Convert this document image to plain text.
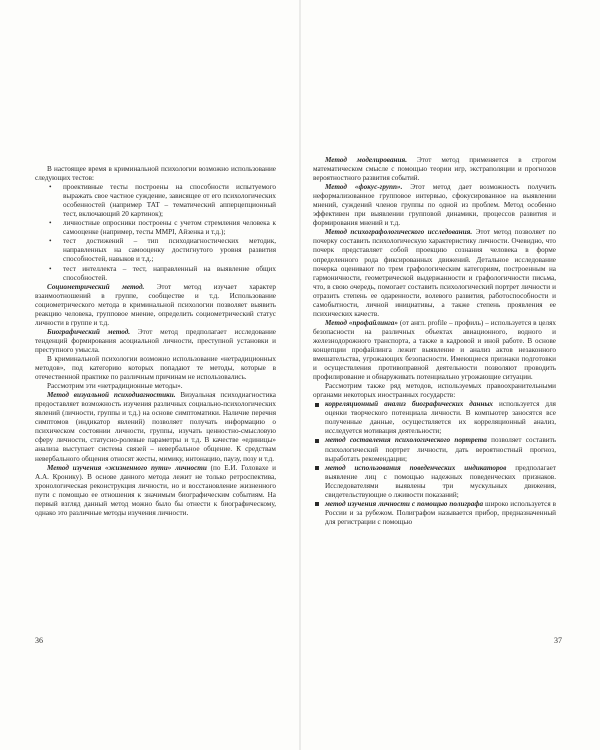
В настоящее время в криминальной психологии возможно использование следующих тестов:

• проективные тесты построены на способности испытуемого выражать свое частное суждение, зависящее от его психологических особенностей (например ТАТ – тематический апперцепционный тест, включающий 20 картинок);
• личностные опросники построены с учетом стремления человека к самооценке (например, тесты MMPI, Айзенка и т.д.);
• тест достижений – тип психодиагностических методик, направленных на самооценку достигнутого уровня развития способностей, навыков и т.д.;
• тест интеллекта – тест, направленный на выявление общих способностей.

Социометрический метод. Этот метод изучает характер взаимоотношений в группе, сообществе и т.д. Использование социометрического метода в криминальной психологии позволяет выявить реакцию человека, групповое мнение, определить социометрический статус личности в группе и т.д.

Биографический метод. Этот метод предполагает исследование тенденций формирования асоциальной личности, преступной установки и преступного умысла.

В криминальной психологии возможно использование «нетрадиционных методов», под категорию которых попадают те методы, которые в отечественной практике по различным причинам не использовались.

Рассмотрим эти «нетрадиционные методы».

Метод визуальной психодиагностики. Визуальная психодиагностика предоставляет возможность изучения различных социально-психологических явлений (личности, группы и т.д.) на основе симптоматики. Наличие перечня симптомов (индикатор явлений) позволяет получать информацию о психическом состоянии личности, группы, изучать ценностно-смысловую сферу личности, статусно-ролевые параметры и т.д. В качестве «единицы» анализа выступает система связей – невербальное общение. К средствам невербального общения относят жесты, мимику, интонацию, паузу, позу и т.д.

Метод изучения «жизненного пути» личности (по Е.И. Головахе и А.А. Кронику). В основе данного метода лежит не только ретроспектива, хронологическая реконструкция личности, но и восстановление жизненного пути с помощью ее отношения к значимым биографическим событиям. На первый взгляд данный метод можно было бы отнести к биографическому, однако это различные методы изучения личности.

36

Метод моделирования. Этот метод применяется в строгом математическом смысле с помощью теории игр, экстраполяции и прогнозов вероятностного развития событий.

Метод «фокус-групп». Этот метод дает возможность получить неформализованное групповое интервью, сфокусированное на выявлении мнений, суждений членов группы по одной из проблем. Метод особенно эффективен при выявлении групповой динамики, процессов развития и формирования мнений и т.д.

Метод психографологического исследования. Этот метод позволяет по почерку составить психологическую характеристику личности. Очевидно, что почерк представляет собой проекцию сознания человека в форме определенного рода фиксированных движений. Детальное исследование почерка оценивают по трем графологическим категориям, построенным на гармоничности, геометрической выдержанности и графологичности письма, что, в свою очередь, помогает составить психологический портрет личности и отразить степень ее одаренности, волевого развития, работоспособности и самобытности, личной инициативы, а также степень проявления ее психических качеств.

Метод «профайлинга» (от англ. profile – профиль) – используется в целях безопасности на различных объектах авиационного, водного и железнодорожного транспорта, а также в кадровой и иной работе. В основе концепции профайлинга лежит выявление и анализ актов незаконного вмешательства, угрожающих безопасности. Имеющиеся признаки подготовки и осуществления противоправной деятельности позволяют проводить профилирование и обнаруживать потенциально угрожающие ситуации.

Рассмотрим также ряд методов, используемых правоохранительными органами некоторых иностранных государств:

корреляционный анализ биографических данных используется для оценки творческого потенциала личности. В компьютер заносятся все полученные данные, осуществляется их корреляционный анализ, исследуется мотивация деятельности;
метод составления психологического портрета позволяет составить психологический портрет личности, дать вероятностный прогноз, выработать рекомендации;
метод использования поведенческих индикаторов предполагает выявление лиц с помощью надежных поведенческих признаков. Исследователями выявлены три мускульных движения, свидетельствующие о лживости показаний;
метод изучения личности с помощью полиграфа широко используется в России и за рубежом. Полиграфом называется прибор, предназначенный для регистрации с помощью
37
